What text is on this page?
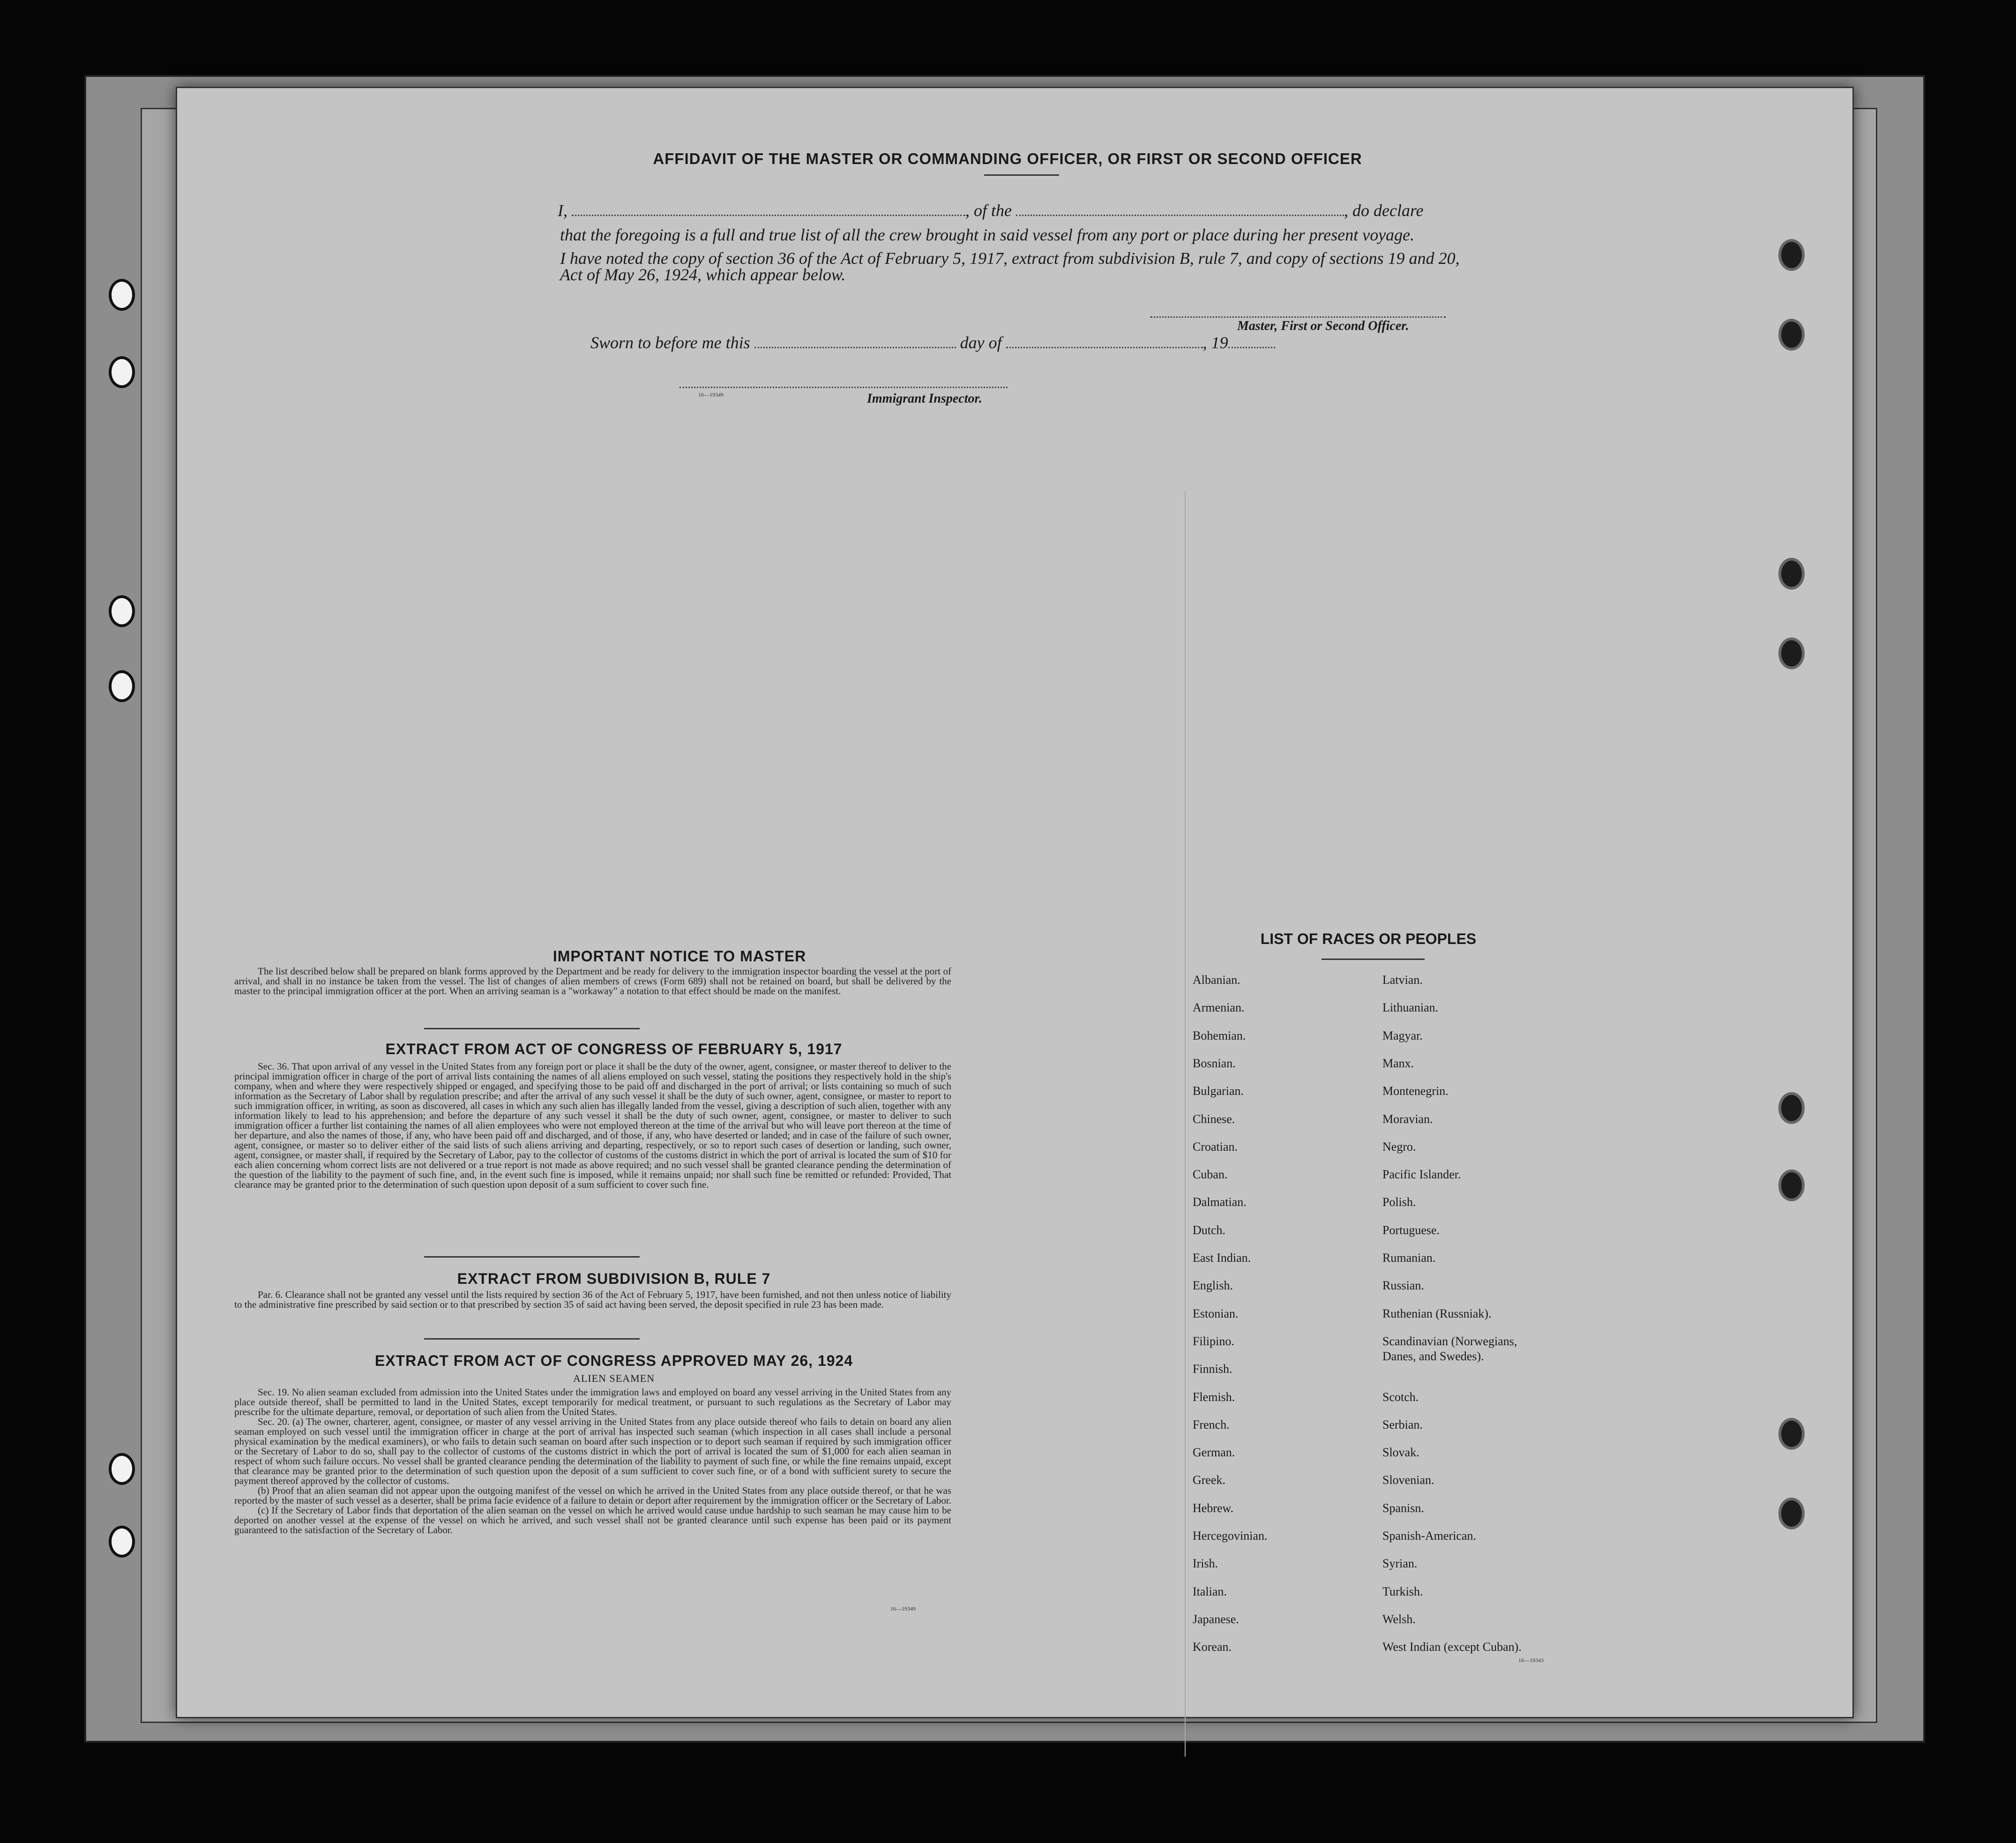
AFFIDAVIT OF THE MASTER OR COMMANDING OFFICER, OR FIRST OR SECOND OFFICER
I,	, of the	, do declare
that the foregoing is a full and true list of all the crew brought in said vessel from any port or place during her present voyage.
I have noted the copy of section 36 of the Act of February 5, 1917, extract from subdivision B, rule 7, and copy of sections 19 and 20,
Act of May 26, 1924, which appear below.
Master, First or Second Officer.
Sworn to before me this	day of	, 19
16—19349	Immigrant Inspector.
IMPORTANT NOTICE TO MASTER

The list described below shall be prepared on blank forms approved by the Department and be ready for delivery to the immigration inspector boarding the vessel at the port of arrival, and shall in no instance be taken from the vessel. The list of changes of alien members of crews (Form 689) shall not be retained on board, but shall be delivered by the master to the principal immigration officer at the port. When an arriving seaman is a "workaway" a notation to that effect should be made on the manifest.

EXTRACT FROM ACT OF CONGRESS OF FEBRUARY 5, 1917

Sec. 36. That upon arrival of any vessel in the United States from any foreign port or place it shall be the duty of the owner, agent, consignee, or master thereof to deliver to the principal immigration officer in charge of the port of arrival lists containing the names of all aliens employed on such vessel, stating the positions they respectively hold in the ship's company, when and where they were respectively shipped or engaged, and specifying those to be paid off and discharged in the port of arrival; or lists containing so much of such information as the Secretary of Labor shall by regulation prescribe; and after the arrival of any such vessel it shall be the duty of such owner, agent, consignee, or master to report to such immigration officer, in writing, as soon as discovered, all cases in which any such alien has illegally landed from the vessel, giving a description of such alien, together with any information likely to lead to his apprehension; and before the departure of any such vessel it shall be the duty of such owner, agent, consignee, or master to deliver to such immigration officer a further list containing the names of all alien employees who were not employed thereon at the time of the arrival but who will leave port thereon at the time of her departure, and also the names of those, if any, who have been paid off and discharged, and of those, if any, who have deserted or landed; and in case of the failure of such owner, agent, consignee, or master so to deliver either of the said lists of such aliens arriving and departing, respectively, or so to report such cases of desertion or landing, such owner, agent, consignee, or master shall, if required by the Secretary of Labor, pay to the collector of customs of the customs district in which the port of arrival is located the sum of $10 for each alien concerning whom correct lists are not delivered or a true report is not made as above required; and no such vessel shall be granted clearance pending the determination of the question of the liability to the payment of such fine, and, in the event such fine is imposed, while it remains unpaid; nor shall such fine be remitted or refunded: Provided, That clearance may be granted prior to the determination of such question upon deposit of a sum sufficient to cover such fine.

EXTRACT FROM SUBDIVISION B, RULE 7

Par. 6. Clearance shall not be granted any vessel until the lists required by section 36 of the Act of February 5, 1917, have been furnished, and not then unless notice of liability to the administrative fine prescribed by said section or to that prescribed by section 35 of said act having been served, the deposit specified in rule 23 has been made.

EXTRACT FROM ACT OF CONGRESS APPROVED MAY 26, 1924
ALIEN SEAMEN

Sec. 19. No alien seaman excluded from admission into the United States under the immigration laws and employed on board any vessel arriving in the United States from any place outside thereof, shall be permitted to land in the United States, except temporarily for medical treatment, or pursuant to such regulations as the Secretary of Labor may prescribe for the ultimate departure, removal, or deportation of such alien from the United States.

Sec. 20. (a) The owner, charterer, agent, consignee, or master of any vessel arriving in the United States from any place outside thereof who fails to detain on board any alien seaman employed on such vessel until the immigration officer in charge at the port of arrival has inspected such seaman (which inspection in all cases shall include a personal physical examination by the medical examiners), or who fails to detain such seaman on board after such inspection or to deport such seaman if required by such immigration officer or the Secretary of Labor to do so, shall pay to the collector of customs of the customs district in which the port of arrival is located the sum of $1,000 for each alien seaman in respect of whom such failure occurs. No vessel shall be granted clearance pending the determination of the liability to payment of such fine, or while the fine remains unpaid, except that clearance may be granted prior to the determination of such question upon the deposit of a sum sufficient to cover such fine, or of a bond with sufficient surety to secure the payment thereof approved by the collector of customs.

(b) Proof that an alien seaman did not appear upon the outgoing manifest of the vessel on which he arrived in the United States from any place outside thereof, or that he was reported by the master of such vessel as a deserter, shall be prima facie evidence of a failure to detain or deport after requirement by the immigration officer or the Secretary of Labor.

(c) If the Secretary of Labor finds that deportation of the alien seaman on the vessel on which he arrived would cause undue hardship to such seaman he may cause him to be deported on another vessel at the expense of the vessel on which he arrived, and such vessel shall not be granted clearance until such expense has been paid or its payment guaranteed to the satisfaction of the Secretary of Labor.

16—19349
LIST OF RACES OR PEOPLES
Albanian.
Armenian.
Bohemian.
Bosnian.
Bulgarian.
Chinese.
Croatian.
Cuban.
Dalmatian.
Dutch.
East Indian.
English.
Estonian.
Filipino.
Finnish.
Flemish.
French.
German.
Greek.
Hebrew.
Hercegovinian.
Irish.
Italian.
Japanese.
Korean.
Latvian.
Lithuanian.
Magyar.
Manx.
Montenegrin.
Moravian.
Negro.
Pacific Islander.
Polish.
Portuguese.
Rumanian.
Russian.
Ruthenian (Russniak).
Scandinavian (Norwegians,
Danes, and Swedes).
Scotch.
Serbian.
Slovak.
Slovenian.
Spanisn.
Spanish-American.
Syrian.
Turkish.
Welsh.
West Indian (except Cuban).
16—19343
